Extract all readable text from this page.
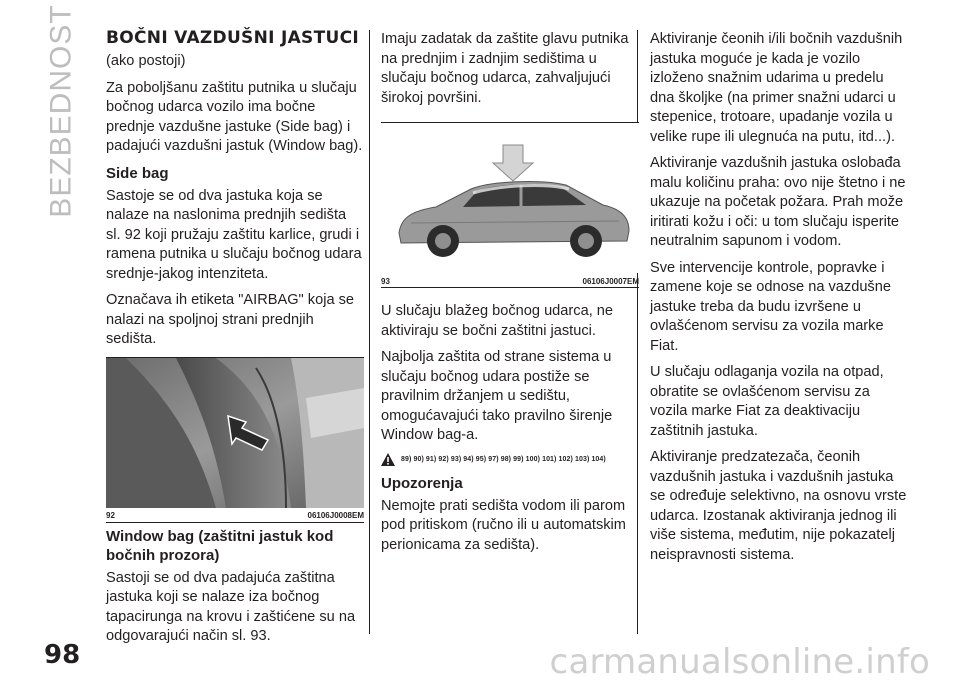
BEZBEDNOST BOČNI VAZDUŠNI JASTUCI

(ako postoji)

Za poboljšanu zaštitu putnika u slučaju bočnog udarca vozilo ima bočne prednje vazdušne jastuke (Side bag) i padajući vazdušni jastuk (Window bag).

Side bag

Sastoje se od dva jastuka koja se nalaze na naslonima prednjih sedišta sl. 92 koji pružaju zaštitu karlice, grudi i ramena putnika u slučaju bočnog udara srednje-jakog intenziteta.

Označava ih etiketa "AIRBAG" koja se nalazi na spoljnoj strani prednjih sedišta.

92	06106J0008EM
Window bag (zaštitni jastuk kod bočnih prozora)

Sastoji se od dva padajuća zaštitna jastuka koji se nalaze iza bočnog tapacirunga na krovu i zaštićene su na odgovarajući način sl. 93.

Imaju zadatak da zaštite glavu putnika na prednjim i zadnjim sedištima u slučaju bočnog udarca, zahvaljujući širokoj površini.

93	06106J0007EM

U slučaju blažeg bočnog udarca, ne aktiviraju se bočni zaštitni jastuci.

Najbolja zaštita od strane sistema u slučaju bočnog udara postiže se pravilnim držanjem u sedištu, omogućavajući tako pravilno širenje Window bag-a.

89) 90) 91) 92) 93) 94) 95) 97) 98) 99) 100) 101) 102) 103) 104)
Upozorenja

Nemojte prati sedišta vodom ili parom pod pritiskom (ručno ili u automatskim perionicama za sedišta).

Aktiviranje čeonih i/ili bočnih vazdušnih jastuka moguće je kada je vozilo izloženo snažnim udarima u predelu dna školjke (na primer snažni udarci u stepenice, trotoare, upadanje vozila u velike rupe ili ulegnuća na putu, itd...).

Aktiviranje vazdušnih jastuka oslobađa malu količinu praha: ovo nije štetno i ne ukazuje na početak požara. Prah može iritirati kožu i oči: u tom slučaju isperite neutralnim sapunom i vodom.

Sve intervencije kontrole, popravke i zamene koje se odnose na vazdušne jastuke treba da budu izvršene u ovlašćenom servisu za vozila marke Fiat.

U slučaju odlaganja vozila na otpad, obratite se ovlašćenom servisu za vozila marke Fiat za deaktivaciju zaštitnih jastuka.

Aktiviranje predzatezača, čeonih vazdušnih jastuka i vazdušnih jastuka se određuje selektivno, na osnovu vrste udarca. Izostanak aktiviranja jednog ili više sistema, međutim, nije pokazatelj neispravnosti sistema.

98	carmanualsonline.info
